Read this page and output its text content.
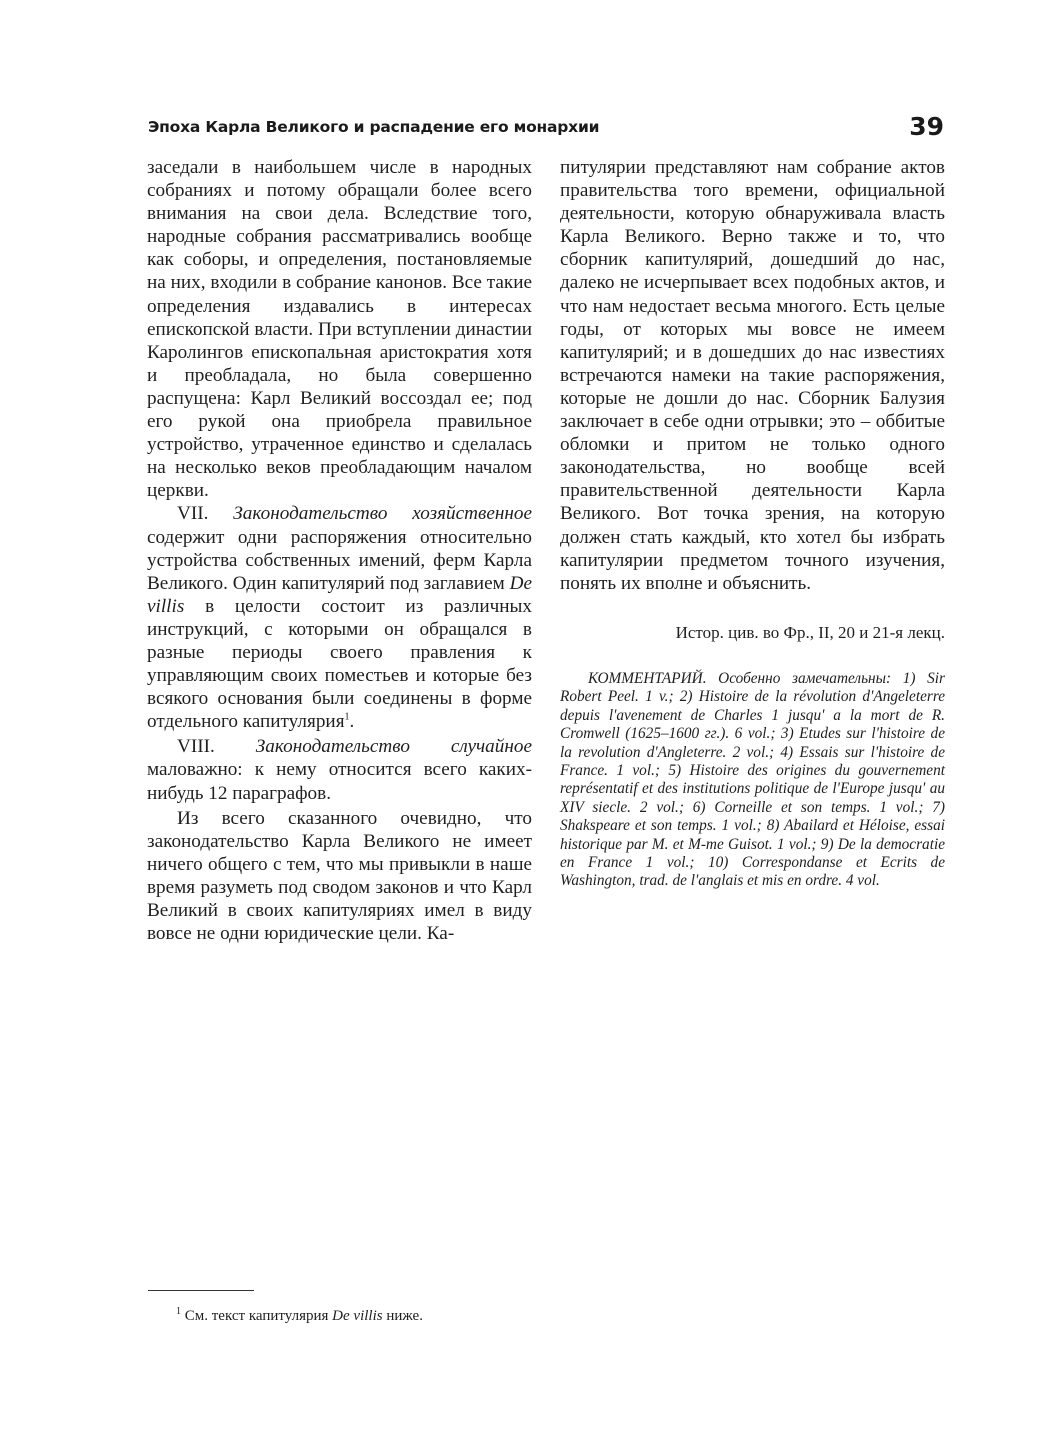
Эпоха Карла Великого и распадение его монархии	39

заседали в наибольшем числе в народных собраниях и потому обращали более всего внимания на свои дела. Вследствие того, народные собрания рассматривались вообще как соборы, и определения, постановляемые на них, входили в собрание канонов. Все такие определения издавались в интересах епископской власти. При вступлении династии Каролингов епископальная аристократия хотя и преобладала, но была совершенно распущена: Карл Великий воссоздал ее; под его рукой она приобрела правильное устройство, утраченное единство и сделалась на несколько веков преобладающим началом церкви.

VII. Законодательство хозяйственное содержит одни распоряжения относительно устройства собственных имений, ферм Карла Великого. Один капитулярий под заглавием De villis в целости состоит из различных инструкций, с которыми он обращался в разные периоды своего правления к управляющим своих поместьев и которые без всякого основания были соединены в форме отдельного капитулярия$^1$.

VIII. Законодательство случайное маловажно: к нему относится всего каких-нибудь 12 параграфов.

Из всего сказанного очевидно, что законодательство Карла Великого не имеет ничего общего с тем, что мы привыкли в наше время разуметь под сводом законов и что Карл Великий в своих капитуляриях имел в виду вовсе не одни юридические цели. Ка-

питулярии представляют нам собрание актов правительства того времени, официальной деятельности, которую обнаруживала власть Карла Великого. Верно также и то, что сборник капитулярий, дошедший до нас, далеко не исчерпывает всех подобных актов, и что нам недостает весьма многого. Есть целые годы, от которых мы вовсе не имеем капитулярий; и в дошедших до нас известиях встречаются намеки на такие распоряжения, которые не дошли до нас. Сборник Балузия заключает в себе одни отрывки; это – оббитые обломки и притом не только одного законодательства, но вообще всей правительственной деятельности Карла Великого. Вот точка зрения, на которую должен стать каждый, кто хотел бы избрать капитулярии предметом точного изучения, понять их вполне и объяснить.

Истор. цив. во Фр., II, 20 и 21-я лекц.

КОММЕНТАРИЙ. Особенно замечательны: 1) Sir Robert Peel. 1 v.; 2) Histoire de la révolution d'Angeleterre depuis l'avenement de Charles 1 jusqu' a la mort de R. Cromwell (1625–1600 гг.). 6 vol.; 3) Etudes sur l'histoire de la revolution d'Angleterre. 2 vol.; 4) Essais sur l'histoire de France. 1 vol.; 5) Histoire des origines du gouvernement représentatif et des institutions politique de l'Europe jusqu' au XIV siecle. 2 vol.; 6) Corneille et son temps. 1 vol.; 7) Shakspeare et son temps. 1 vol.; 8) Abailard et Héloise, essai historique par M. et M-me Guisot. 1 vol.; 9) De la democratie en France 1 vol.; 10) Correspondanse et Ecrits de Washington, trad. de l'anglais et mis en ordre. 4 vol.

$^1$ См. текст капитулярия De villis ниже.
